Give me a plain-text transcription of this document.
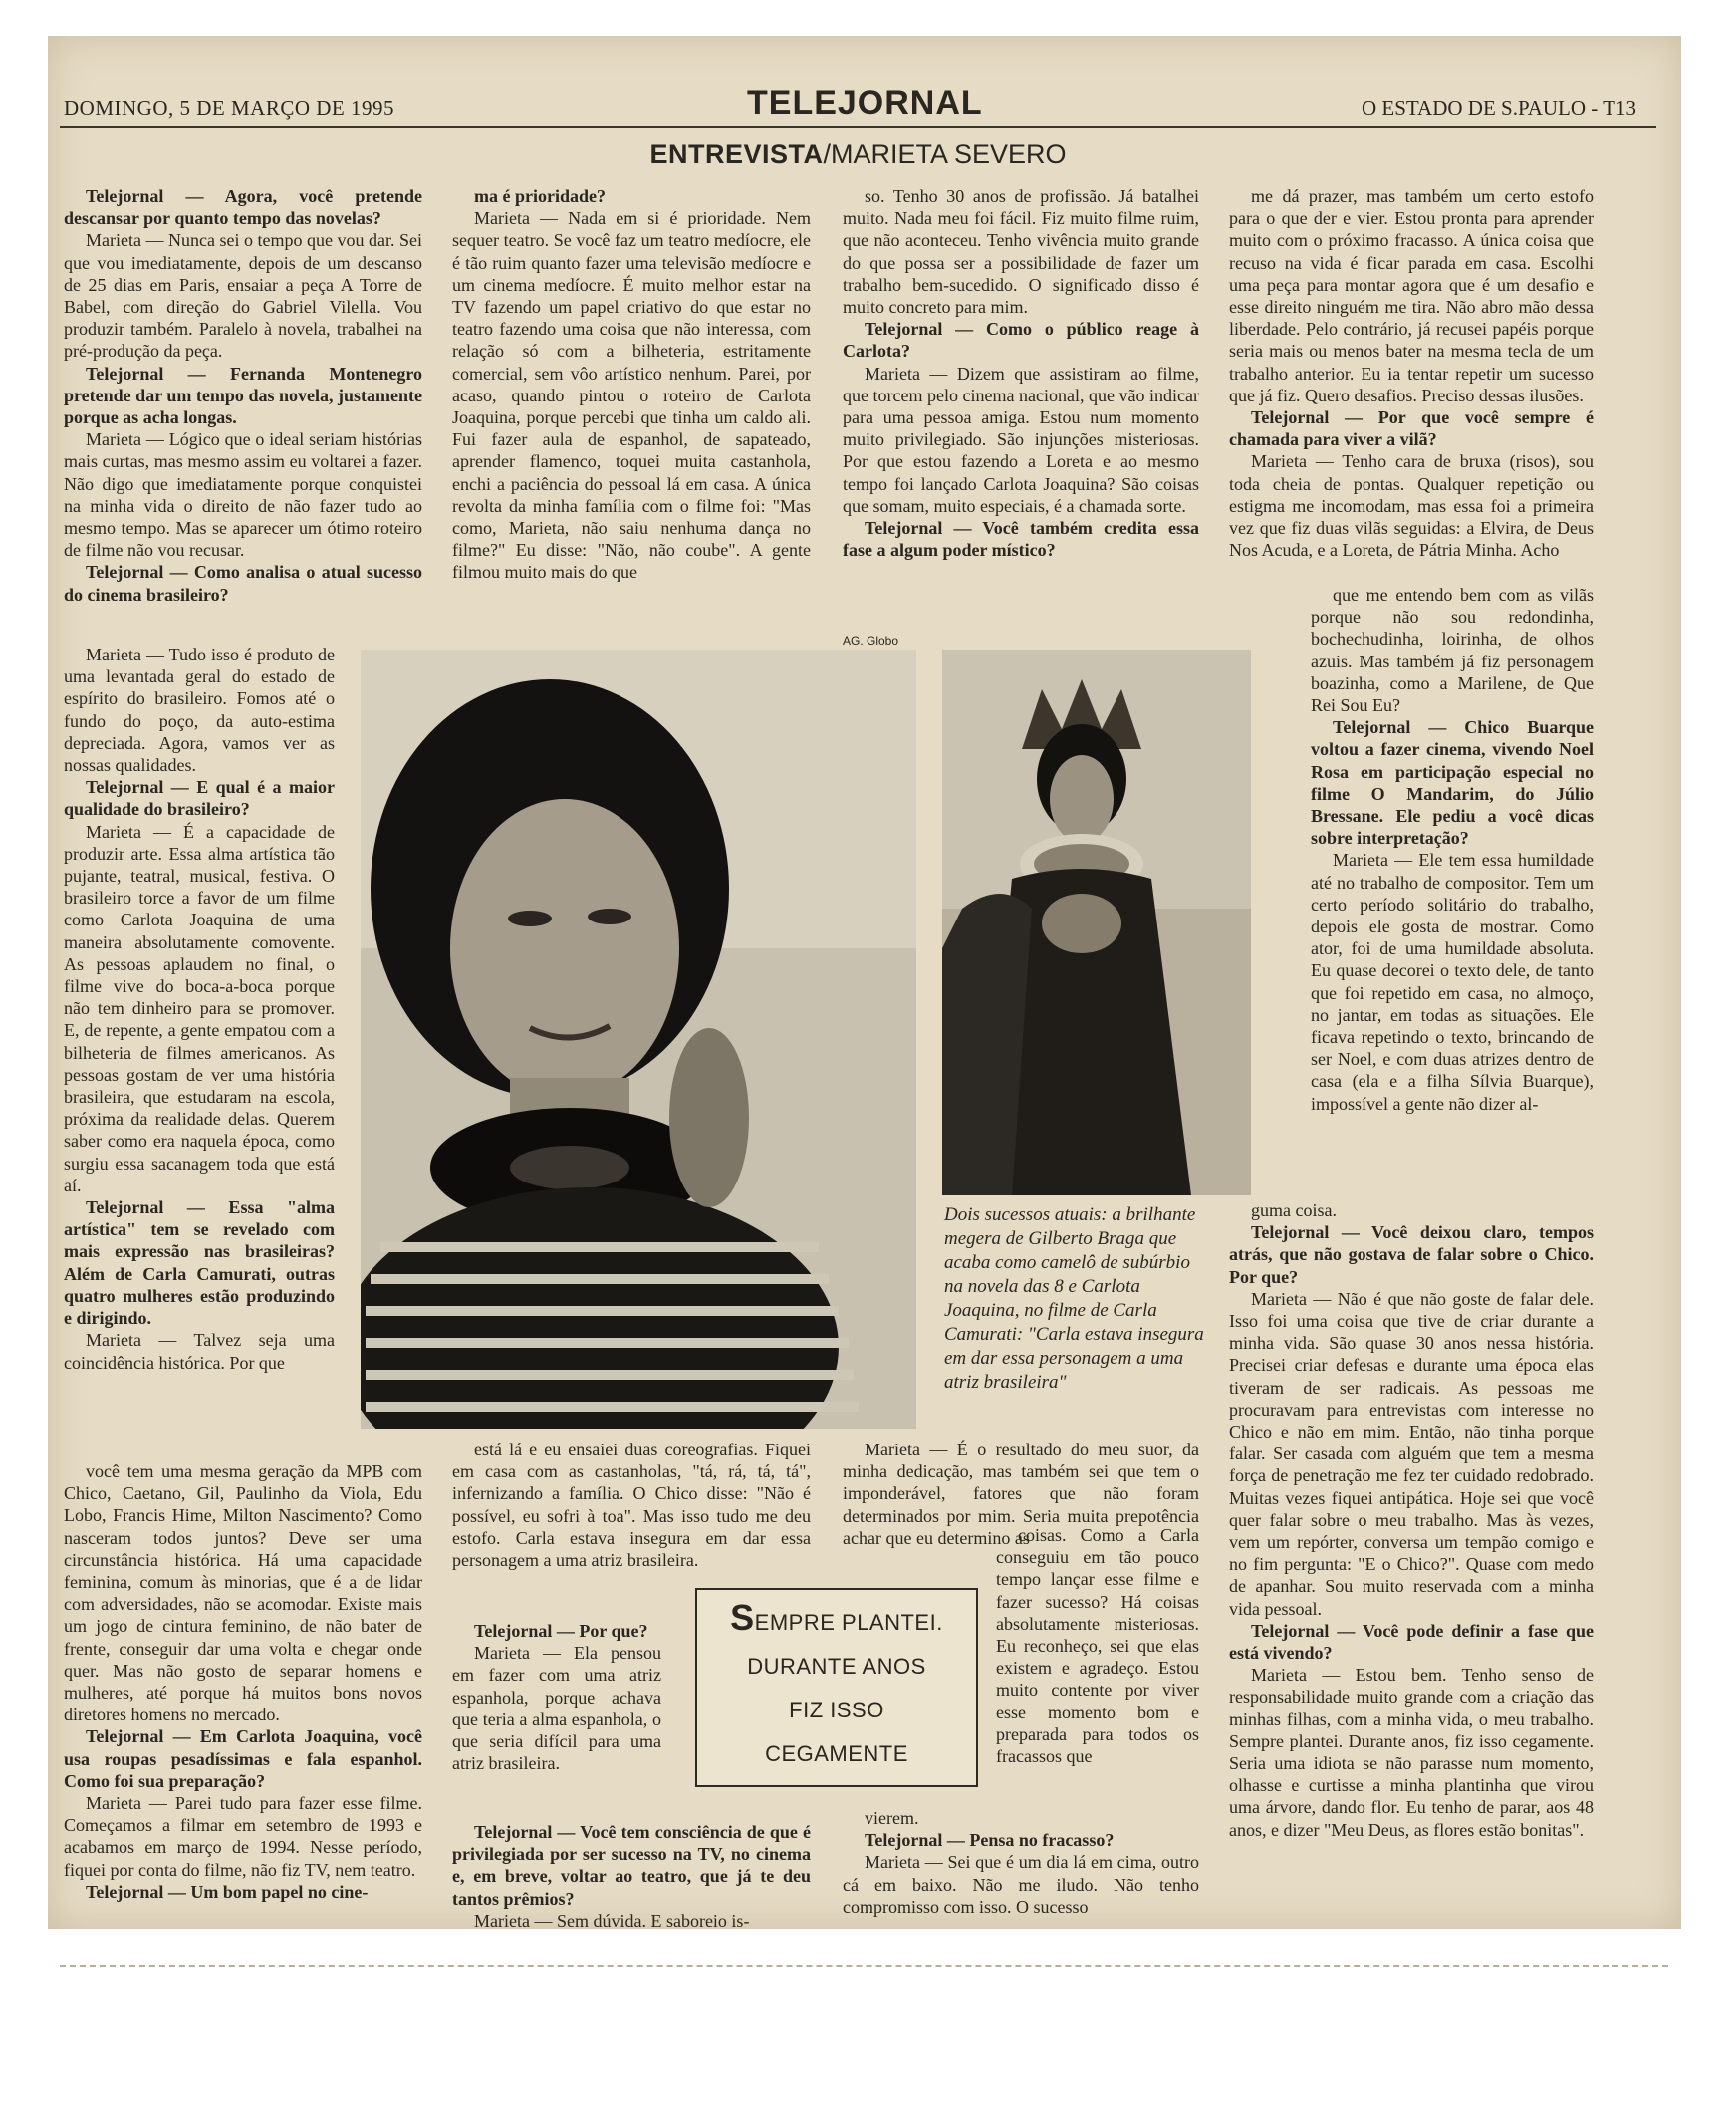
DOMINGO, 5 DE MARÇO DE 1995	TELEJORNAL	O ESTADO DE S.PAULO - T13
ENTREVISTA/MARIETA SEVERO

Telejornal — Agora, você pretende descansar por quanto tempo das novelas?

Marieta — Nunca sei o tempo que vou dar. Sei que vou imediatamente, depois de um descanso de 25 dias em Paris, ensaiar a peça A Torre de Babel, com direção do Gabriel Vilella. Vou produzir também. Paralelo à novela, trabalhei na pré-produção da peça.

Telejornal — Fernanda Montenegro pretende dar um tempo das novela, justamente porque as acha longas.

Marieta — Lógico que o ideal seriam histórias mais curtas, mas mesmo assim eu voltarei a fazer. Não digo que imediatamente porque conquistei na minha vida o direito de não fazer tudo ao mesmo tempo. Mas se aparecer um ótimo roteiro de filme não vou recusar.

Telejornal — Como analisa o atual sucesso do cinema brasileiro?

Marieta — Tudo isso é produto de uma levantada geral do estado de espírito do brasileiro. Fomos até o fundo do poço, da auto-estima depreciada. Agora, vamos ver as nossas qualidades.

Telejornal — E qual é a maior qualidade do brasileiro?

Marieta — É a capacidade de produzir arte. Essa alma artística tão pujante, teatral, musical, festiva. O brasileiro torce a favor de um filme como Carlota Joaquina de uma maneira absolutamente comovente. As pessoas aplaudem no final, o filme vive do boca-a-boca porque não tem dinheiro para se promover. E, de repente, a gente empatou com a bilheteria de filmes americanos. As pessoas gostam de ver uma história brasileira, que estudaram na escola, próxima da realidade delas. Querem saber como era naquela época, como surgiu essa sacanagem toda que está aí.

Telejornal — Essa "alma artística" tem se revelado com mais expressão nas brasileiras? Além de Carla Camurati, outras quatro mulheres estão produzindo e dirigindo.

Marieta — Talvez seja uma coincidência histórica. Por que

você tem uma mesma geração da MPB com Chico, Caetano, Gil, Paulinho da Viola, Edu Lobo, Francis Hime, Milton Nascimento? Como nasceram todos juntos? Deve ser uma circunstância histórica. Há uma capacidade feminina, comum às minorias, que é a de lidar com adversidades, não se acomodar. Existe mais um jogo de cintura feminino, de não bater de frente, conseguir dar uma volta e chegar onde quer. Mas não gosto de separar homens e mulheres, até porque há muitos bons novos diretores homens no mercado.

Telejornal — Em Carlota Joaquina, você usa roupas pesadíssimas e fala espanhol. Como foi sua preparação?

Marieta — Parei tudo para fazer esse filme. Começamos a filmar em setembro de 1993 e acabamos em março de 1994. Nesse período, fiquei por conta do filme, não fiz TV, nem teatro.

Telejornal — Um bom papel no cine-

ma é prioridade?

Marieta — Nada em si é prioridade. Nem sequer teatro. Se você faz um teatro medíocre, ele é tão ruim quanto fazer uma televisão medíocre e um cinema medíocre. É muito melhor estar na TV fazendo um papel criativo do que estar no teatro fazendo uma coisa que não interessa, com relação só com a bilheteria, estritamente comercial, sem vôo artístico nenhum. Parei, por acaso, quando pintou o roteiro de Carlota Joaquina, porque percebi que tinha um caldo ali. Fui fazer aula de espanhol, de sapateado, aprender flamenco, toquei muita castanhola, enchi a paciência do pessoal lá em casa. A única revolta da minha família com o filme foi: "Mas como, Marieta, não saiu nenhuma dança no filme?" Eu disse: "Não, não coube". A gente filmou muito mais do que

está lá e eu ensaiei duas coreografias. Fiquei em casa com as castanholas, "tá, rá, tá, tá", infernizando a família. O Chico disse: "Não é possível, eu sofri à toa". Mas isso tudo me deu estofo. Carla estava insegura em dar essa personagem a uma atriz brasileira.

Telejornal — Por que?

Marieta — Ela pensou em fazer com uma atriz espanhola, porque achava que teria a alma espanhola, o que seria difícil para uma atriz brasileira.

Telejornal — Você tem consciência de que é privilegiada por ser sucesso na TV, no cinema e, em breve, voltar ao teatro, que já te deu tantos prêmios?

Marieta — Sem dúvida. E saboreio is-

so. Tenho 30 anos de profissão. Já batalhei muito. Nada meu foi fácil. Fiz muito filme ruim, que não aconteceu. Tenho vivência muito grande do que possa ser a possibilidade de fazer um trabalho bem-sucedido. O significado disso é muito concreto para mim.

Telejornal — Como o público reage à Carlota?

Marieta — Dizem que assistiram ao filme, que torcem pelo cinema nacional, que vão indicar para uma pessoa amiga. Estou num momento muito privilegiado. São injunções misteriosas. Por que estou fazendo a Loreta e ao mesmo tempo foi lançado Carlota Joaquina? São coisas que somam, muito especiais, é a chamada sorte.

Telejornal — Você também credita essa fase a algum poder místico?

Marieta — É o resultado do meu suor, da minha dedicação, mas também sei que tem o imponderável, fatores que não foram determinados por mim. Seria muita prepotência achar que eu determino as

coisas. Como a Carla conseguiu em tão pouco tempo lançar esse filme e fazer sucesso? Há coisas absolutamente misteriosas. Eu reconheço, sei que elas existem e agradeço. Estou muito contente por viver esse momento bom e preparada para todos os fracassos que

vierem.

Telejornal — Pensa no fracasso?

Marieta — Sei que é um dia lá em cima, outro cá em baixo. Não me iludo. Não tenho compromisso com isso. O sucesso

me dá prazer, mas também um certo estofo para o que der e vier. Estou pronta para aprender muito com o próximo fracasso. A única coisa que recuso na vida é ficar parada em casa. Escolhi uma peça para montar agora que é um desafio e esse direito ninguém me tira. Não abro mão dessa liberdade. Pelo contrário, já recusei papéis porque seria mais ou menos bater na mesma tecla de um trabalho anterior. Eu ia tentar repetir um sucesso que já fiz. Quero desafios. Preciso dessas ilusões.

Telejornal — Por que você sempre é chamada para viver a vilã?

Marieta — Tenho cara de bruxa (risos), sou toda cheia de pontas. Qualquer repetição ou estigma me incomodam, mas essa foi a primeira vez que fiz duas vilãs seguidas: a Elvira, de Deus Nos Acuda, e a Loreta, de Pátria Minha. Acho

que me entendo bem com as vilãs porque não sou redondinha, bochechudinha, loirinha, de olhos azuis. Mas também já fiz personagem boazinha, como a Marilene, de Que Rei Sou Eu?

Telejornal — Chico Buarque voltou a fazer cinema, vivendo Noel Rosa em participação especial no filme O Mandarim, do Júlio Bressane. Ele pediu a você dicas sobre interpretação?

Marieta — Ele tem essa humildade até no trabalho de compositor. Tem um certo período solitário do trabalho, depois ele gosta de mostrar. Como ator, foi de uma humildade absoluta. Eu quase decorei o texto dele, de tanto que foi repetido em casa, no almoço, no jantar, em todas as situações. Ele ficava repetindo o texto, brincando de ser Noel, e com duas atrizes dentro de casa (ela e a filha Sílvia Buarque), impossível a gente não dizer al-

guma coisa.

Telejornal — Você deixou claro, tempos atrás, que não gostava de falar sobre o Chico. Por que?

Marieta — Não é que não goste de falar dele. Isso foi uma coisa que tive de criar durante a minha vida. São quase 30 anos nessa história. Precisei criar defesas e durante uma época elas tiveram de ser radicais. As pessoas me procuravam para entrevistas com interesse no Chico e não em mim. Então, não tinha porque falar. Ser casada com alguém que tem a mesma força de penetração me fez ter cuidado redobrado. Muitas vezes fiquei antipática. Hoje sei que você quer falar sobre o meu trabalho. Mas às vezes, vem um repórter, conversa um tempão comigo e no fim pergunta: "E o Chico?". Quase com medo de apanhar. Sou muito reservada com a minha vida pessoal.

Telejornal — Você pode definir a fase que está vivendo?

Marieta — Estou bem. Tenho senso de responsabilidade muito grande com a criação das minhas filhas, com a minha vida, o meu trabalho. Sempre plantei. Durante anos, fiz isso cegamente. Seria uma idiota se não parasse num momento, olhasse e curtisse a minha plantinha que virou uma árvore, dando flor. Eu tenho de parar, aos 48 anos, e dizer "Meu Deus, as flores estão bonitas".

AG. Globo
Dois sucessos atuais: a brilhante megera de Gilberto Braga que acaba como camelô de subúrbio na novela das 8 e Carlota Joaquina, no filme de Carla Camurati: "Carla estava insegura em dar essa personagem a uma atriz brasileira"
SEMPRE PLANTEI.
DURANTE ANOS
FIZ ISSO
CEGAMENTE
